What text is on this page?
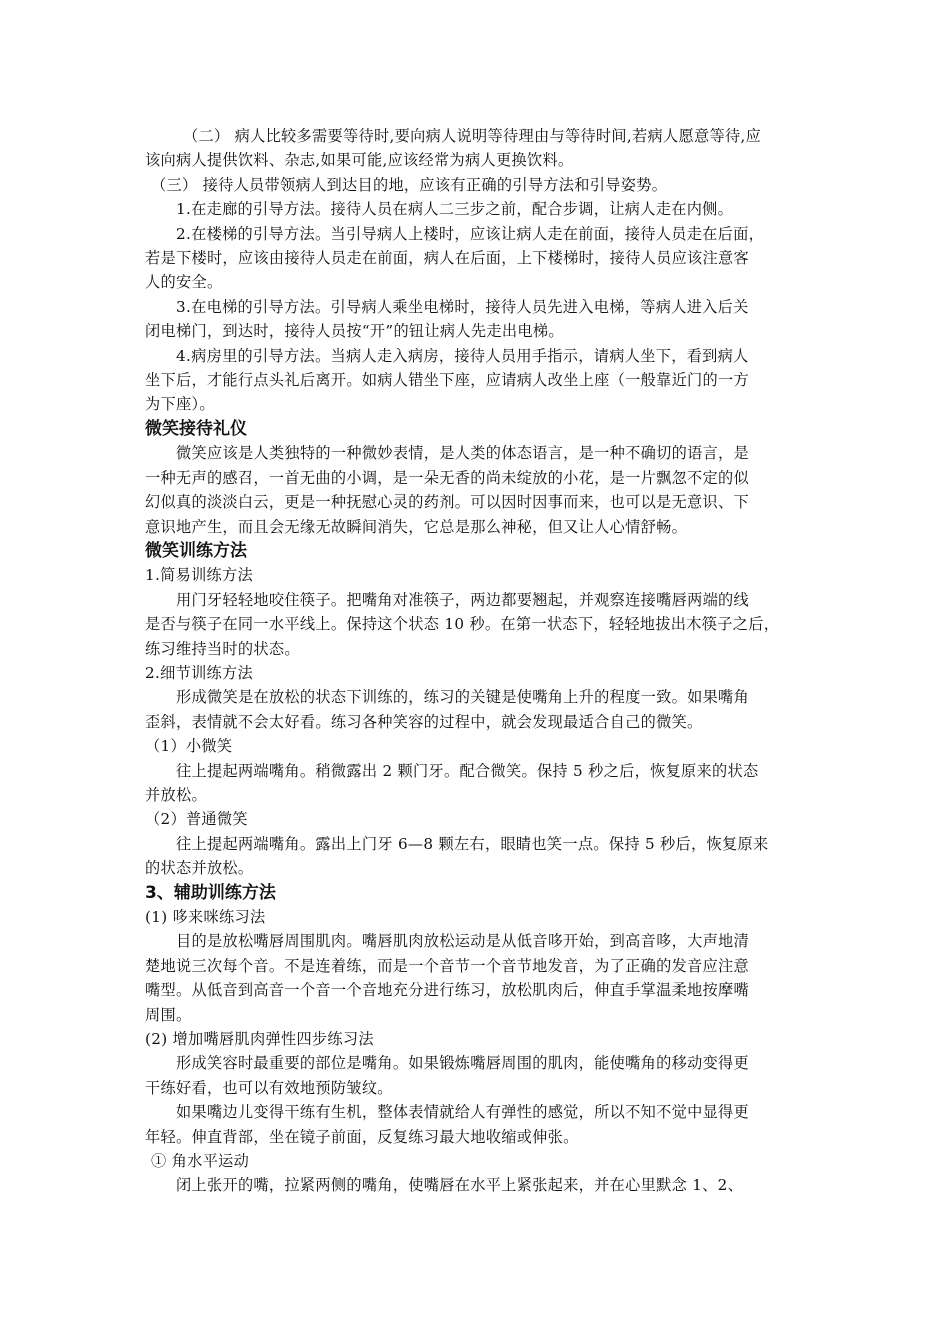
（二） 病人比较多需要等待时,要向病人说明等待理由与等待时间,若病人愿意等待,应

该向病人提供饮料、杂志,如果可能,应该经常为病人更换饮料。

（三） 接待人员带领病人到达目的地，应该有正确的引导方法和引导姿势。

1.在走廊的引导方法。接待人员在病人二三步之前，配合步调，让病人走在内侧。

2.在楼梯的引导方法。当引导病人上楼时，应该让病人走在前面，接待人员走在后面，

若是下楼时，应该由接待人员走在前面，病人在后面，上下楼梯时，接待人员应该注意客

人的安全。

3.在电梯的引导方法。引导病人乘坐电梯时，接待人员先进入电梯，等病人进入后关

闭电梯门，到达时，接待人员按“开”的钮让病人先走出电梯。

4.病房里的引导方法。当病人走入病房，接待人员用手指示，请病人坐下，看到病人

坐下后，才能行点头礼后离开。如病人错坐下座，应请病人改坐上座（一般靠近门的一方

为下座）。

微笑接待礼仪

微笑应该是人类独特的一种微妙表情，是人类的体态语言，是一种不确切的语言，是

一种无声的感召，一首无曲的小调，是一朵无香的尚未绽放的小花，是一片飘忽不定的似

幻似真的淡淡白云，更是一种抚慰心灵的药剂。可以因时因事而来，也可以是无意识、下

意识地产生，而且会无缘无故瞬间消失，它总是那么神秘，但又让人心情舒畅。

微笑训练方法

1.简易训练方法

用门牙轻轻地咬住筷子。把嘴角对准筷子，两边都要翘起，并观察连接嘴唇两端的线

是否与筷子在同一水平线上。保持这个状态 10 秒。在第一状态下，轻轻地拔出木筷子之后，

练习维持当时的状态。

2.细节训练方法

形成微笑是在放松的状态下训练的，练习的关键是使嘴角上升的程度一致。如果嘴角

歪斜，表情就不会太好看。练习各种笑容的过程中，就会发现最适合自己的微笑。

（1）小微笑

往上提起两端嘴角。稍微露出 2 颗门牙。配合微笑。保持 5 秒之后，恢复原来的状态

并放松。

（2）普通微笑

往上提起两端嘴角。露出上门牙 6—8 颗左右，眼睛也笑一点。保持 5 秒后，恢复原来

的状态并放松。

3、辅助训练方法

(1) 哆来咪练习法

目的是放松嘴唇周围肌肉。嘴唇肌肉放松运动是从低音哆开始，到高音哆，大声地清

楚地说三次每个音。不是连着练，而是一个音节一个音节地发音，为了正确的发音应注意

嘴型。从低音到高音一个音一个音地充分进行练习，放松肌肉后，伸直手掌温柔地按摩嘴

周围。

(2) 增加嘴唇肌肉弹性四步练习法

形成笑容时最重要的部位是嘴角。如果锻炼嘴唇周围的肌肉，能使嘴角的移动变得更

干练好看，也可以有效地预防皱纹。

如果嘴边儿变得干练有生机，整体表情就给人有弹性的感觉，所以不知不觉中显得更

年轻。伸直背部，坐在镜子前面，反复练习最大地收缩或伸张。

① 角水平运动

闭上张开的嘴，拉紧两侧的嘴角，使嘴唇在水平上紧张起来，并在心里默念 1、2、
